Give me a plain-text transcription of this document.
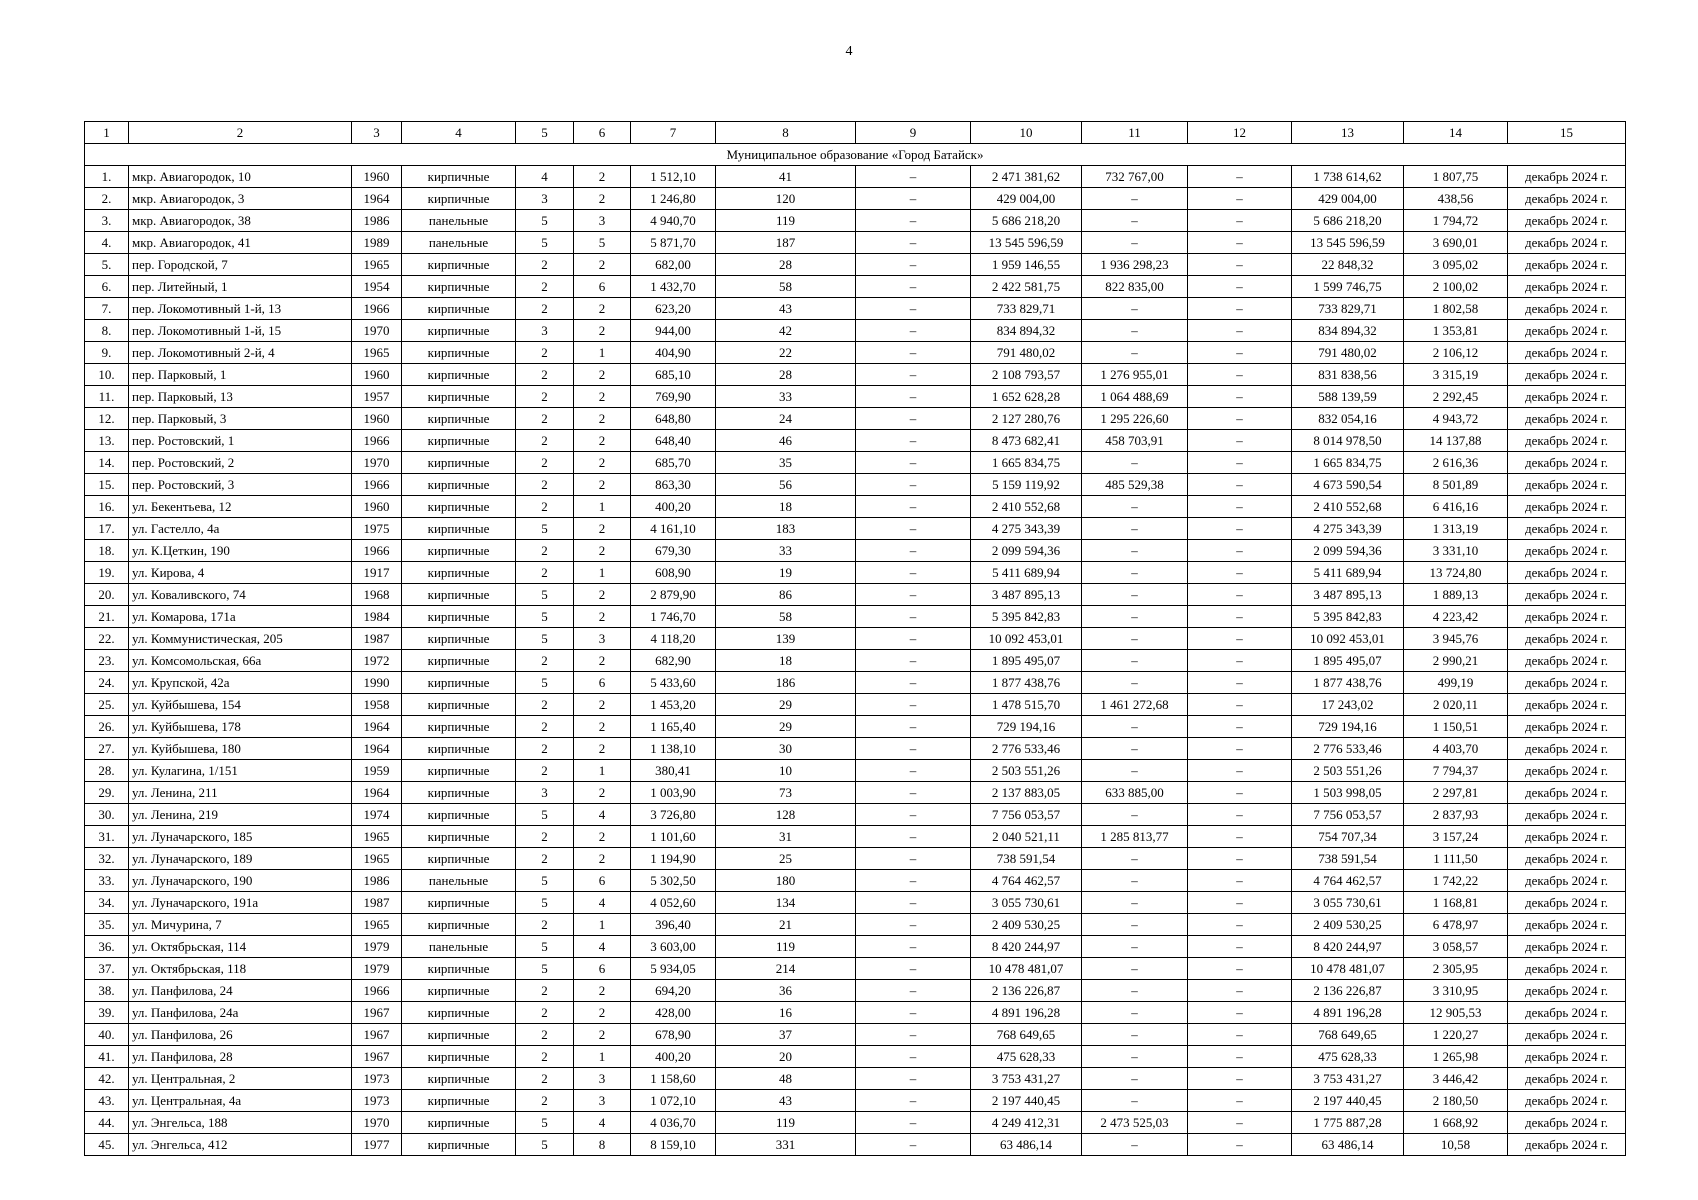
4
1	2	3	4	5	6	7	8	9	10	11	12	13	14	15
Муниципальное образование «Город Батайск»														
1.	мкр. Авиагородок, 10	1960	кирпичные	4	2	1 512,10	41	–	2 471 381,62	732 767,00	–	1 738 614,62	1 807,75	декабрь 2024 г.
2.	мкр. Авиагородок, 3	1964	кирпичные	3	2	1 246,80	120	–	429 004,00	–	–	429 004,00	438,56	декабрь 2024 г.
3.	мкр. Авиагородок, 38	1986	панельные	5	3	4 940,70	119	–	5 686 218,20	–	–	5 686 218,20	1 794,72	декабрь 2024 г.
4.	мкр. Авиагородок, 41	1989	панельные	5	5	5 871,70	187	–	13 545 596,59	–	–	13 545 596,59	3 690,01	декабрь 2024 г.
5.	пер. Городской, 7	1965	кирпичные	2	2	682,00	28	–	1 959 146,55	1 936 298,23	–	22 848,32	3 095,02	декабрь 2024 г.
6.	пер. Литейный, 1	1954	кирпичные	2	6	1 432,70	58	–	2 422 581,75	822 835,00	–	1 599 746,75	2 100,02	декабрь 2024 г.
7.	пер. Локомотивный 1-й, 13	1966	кирпичные	2	2	623,20	43	–	733 829,71	–	–	733 829,71	1 802,58	декабрь 2024 г.
8.	пер. Локомотивный 1-й, 15	1970	кирпичные	3	2	944,00	42	–	834 894,32	–	–	834 894,32	1 353,81	декабрь 2024 г.
9.	пер. Локомотивный 2-й, 4	1965	кирпичные	2	1	404,90	22	–	791 480,02	–	–	791 480,02	2 106,12	декабрь 2024 г.
10.	пер. Парковый, 1	1960	кирпичные	2	2	685,10	28	–	2 108 793,57	1 276 955,01	–	831 838,56	3 315,19	декабрь 2024 г.
11.	пер. Парковый, 13	1957	кирпичные	2	2	769,90	33	–	1 652 628,28	1 064 488,69	–	588 139,59	2 292,45	декабрь 2024 г.
12.	пер. Парковый, 3	1960	кирпичные	2	2	648,80	24	–	2 127 280,76	1 295 226,60	–	832 054,16	4 943,72	декабрь 2024 г.
13.	пер. Ростовский, 1	1966	кирпичные	2	2	648,40	46	–	8 473 682,41	458 703,91	–	8 014 978,50	14 137,88	декабрь 2024 г.
14.	пер. Ростовский, 2	1970	кирпичные	2	2	685,70	35	–	1 665 834,75	–	–	1 665 834,75	2 616,36	декабрь 2024 г.
15.	пер. Ростовский, 3	1966	кирпичные	2	2	863,30	56	–	5 159 119,92	485 529,38	–	4 673 590,54	8 501,89	декабрь 2024 г.
16.	ул. Бекентьева, 12	1960	кирпичные	2	1	400,20	18	–	2 410 552,68	–	–	2 410 552,68	6 416,16	декабрь 2024 г.
17.	ул. Гастелло, 4а	1975	кирпичные	5	2	4 161,10	183	–	4 275 343,39	–	–	4 275 343,39	1 313,19	декабрь 2024 г.
18.	ул. К.Цеткин, 190	1966	кирпичные	2	2	679,30	33	–	2 099 594,36	–	–	2 099 594,36	3 331,10	декабрь 2024 г.
19.	ул. Кирова, 4	1917	кирпичные	2	1	608,90	19	–	5 411 689,94	–	–	5 411 689,94	13 724,80	декабрь 2024 г.
20.	ул. Коваливского, 74	1968	кирпичные	5	2	2 879,90	86	–	3 487 895,13	–	–	3 487 895,13	1 889,13	декабрь 2024 г.
21.	ул. Комарова, 171а	1984	кирпичные	5	2	1 746,70	58	–	5 395 842,83	–	–	5 395 842,83	4 223,42	декабрь 2024 г.
22.	ул. Коммунистическая, 205	1987	кирпичные	5	3	4 118,20	139	–	10 092 453,01	–	–	10 092 453,01	3 945,76	декабрь 2024 г.
23.	ул. Комсомольская, 66а	1972	кирпичные	2	2	682,90	18	–	1 895 495,07	–	–	1 895 495,07	2 990,21	декабрь 2024 г.
24.	ул. Крупской, 42а	1990	кирпичные	5	6	5 433,60	186	–	1 877 438,76	–	–	1 877 438,76	499,19	декабрь 2024 г.
25.	ул. Куйбышева, 154	1958	кирпичные	2	2	1 453,20	29	–	1 478 515,70	1 461 272,68	–	17 243,02	2 020,11	декабрь 2024 г.
26.	ул. Куйбышева, 178	1964	кирпичные	2	2	1 165,40	29	–	729 194,16	–	–	729 194,16	1 150,51	декабрь 2024 г.
27.	ул. Куйбышева, 180	1964	кирпичные	2	2	1 138,10	30	–	2 776 533,46	–	–	2 776 533,46	4 403,70	декабрь 2024 г.
28.	ул. Кулагина, 1/151	1959	кирпичные	2	1	380,41	10	–	2 503 551,26	–	–	2 503 551,26	7 794,37	декабрь 2024 г.
29.	ул. Ленина, 211	1964	кирпичные	3	2	1 003,90	73	–	2 137 883,05	633 885,00	–	1 503 998,05	2 297,81	декабрь 2024 г.
30.	ул. Ленина, 219	1974	кирпичные	5	4	3 726,80	128	–	7 756 053,57	–	–	7 756 053,57	2 837,93	декабрь 2024 г.
31.	ул. Луначарского, 185	1965	кирпичные	2	2	1 101,60	31	–	2 040 521,11	1 285 813,77	–	754 707,34	3 157,24	декабрь 2024 г.
32.	ул. Луначарского, 189	1965	кирпичные	2	2	1 194,90	25	–	738 591,54	–	–	738 591,54	1 111,50	декабрь 2024 г.
33.	ул. Луначарского, 190	1986	панельные	5	6	5 302,50	180	–	4 764 462,57	–	–	4 764 462,57	1 742,22	декабрь 2024 г.
34.	ул. Луначарского, 191а	1987	кирпичные	5	4	4 052,60	134	–	3 055 730,61	–	–	3 055 730,61	1 168,81	декабрь 2024 г.
35.	ул. Мичурина, 7	1965	кирпичные	2	1	396,40	21	–	2 409 530,25	–	–	2 409 530,25	6 478,97	декабрь 2024 г.
36.	ул. Октябрьская, 114	1979	панельные	5	4	3 603,00	119	–	8 420 244,97	–	–	8 420 244,97	3 058,57	декабрь 2024 г.
37.	ул. Октябрьская, 118	1979	кирпичные	5	6	5 934,05	214	–	10 478 481,07	–	–	10 478 481,07	2 305,95	декабрь 2024 г.
38.	ул. Панфилова, 24	1966	кирпичные	2	2	694,20	36	–	2 136 226,87	–	–	2 136 226,87	3 310,95	декабрь 2024 г.
39.	ул. Панфилова, 24а	1967	кирпичные	2	2	428,00	16	–	4 891 196,28	–	–	4 891 196,28	12 905,53	декабрь 2024 г.
40.	ул. Панфилова, 26	1967	кирпичные	2	2	678,90	37	–	768 649,65	–	–	768 649,65	1 220,27	декабрь 2024 г.
41.	ул. Панфилова, 28	1967	кирпичные	2	1	400,20	20	–	475 628,33	–	–	475 628,33	1 265,98	декабрь 2024 г.
42.	ул. Центральная, 2	1973	кирпичные	2	3	1 158,60	48	–	3 753 431,27	–	–	3 753 431,27	3 446,42	декабрь 2024 г.
43.	ул. Центральная, 4а	1973	кирпичные	2	3	1 072,10	43	–	2 197 440,45	–	–	2 197 440,45	2 180,50	декабрь 2024 г.
44.	ул. Энгельса, 188	1970	кирпичные	5	4	4 036,70	119	–	4 249 412,31	2 473 525,03	–	1 775 887,28	1 668,92	декабрь 2024 г.
45.	ул. Энгельса, 412	1977	кирпичные	5	8	8 159,10	331	–	63 486,14	–	–	63 486,14	10,58	декабрь 2024 г.
